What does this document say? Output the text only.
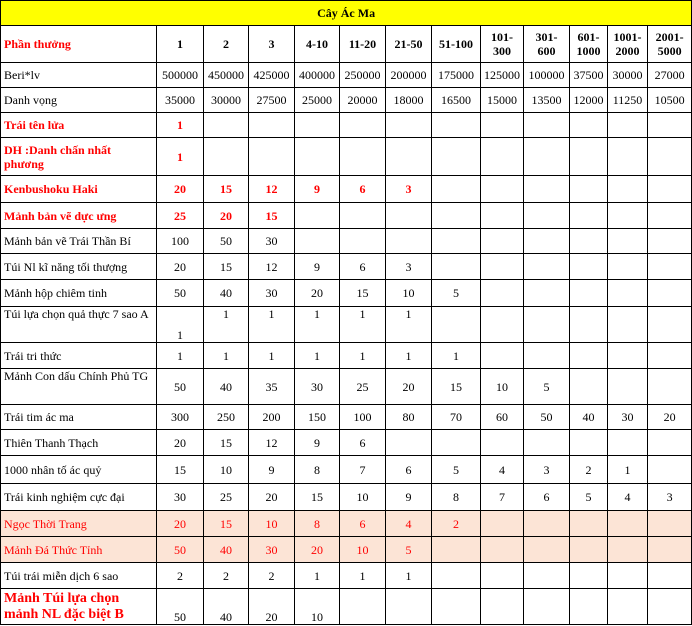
Cây Ác Ma												
Phần thưởng	1	2	3	4-10	11-20	21-50	51-100	101-300	301-600	601-1000	1001-2000	2001-5000
Beri*lv	500000	450000	425000	400000	250000	200000	175000	125000	100000	37500	30000	27000
Danh vọng	35000	30000	27500	25000	20000	18000	16500	15000	13500	12000	11250	10500
Trái tên lửa	1											
DH :Danh chấn nhất phương	1											
Kenbushoku Haki	20	15	12	9	6	3						
Mảnh bản vẽ dực ưng	25	20	15									
Mảnh bản vẽ Trái Thần Bí	100	50	30									
Túi Nl kĩ năng tối thượng	20	15	12	9	6	3						
Mảnh hộp chiêm tinh	50	40	30	20	15	10	5					
Túi lựa chọn quả thực 7 sao A	1	1	1	1	1	1						
Trái tri thức	1	1	1	1	1	1	1					
Mảnh Con dấu Chính Phủ TG	50	40	35	30	25	20	15	10	5			
Trái tim ác ma	300	250	200	150	100	80	70	60	50	40	30	20
Thiên Thanh Thạch	20	15	12	9	6							
1000 nhân tố ác quỷ	15	10	9	8	7	6	5	4	3	2	1	
Trái kinh nghiệm cực đại	30	25	20	15	10	9	8	7	6	5	4	3
Ngọc Thời Trang	20	15	10	8	6	4	2					
Mảnh Đá Thức Tỉnh	50	40	30	20	10	5						
Túi trái miễn dịch 6 sao	2	2	2	1	1	1						
Mảnh Túi lựa chọn mảnh NL đặc biệt B	50	40	20	10								
